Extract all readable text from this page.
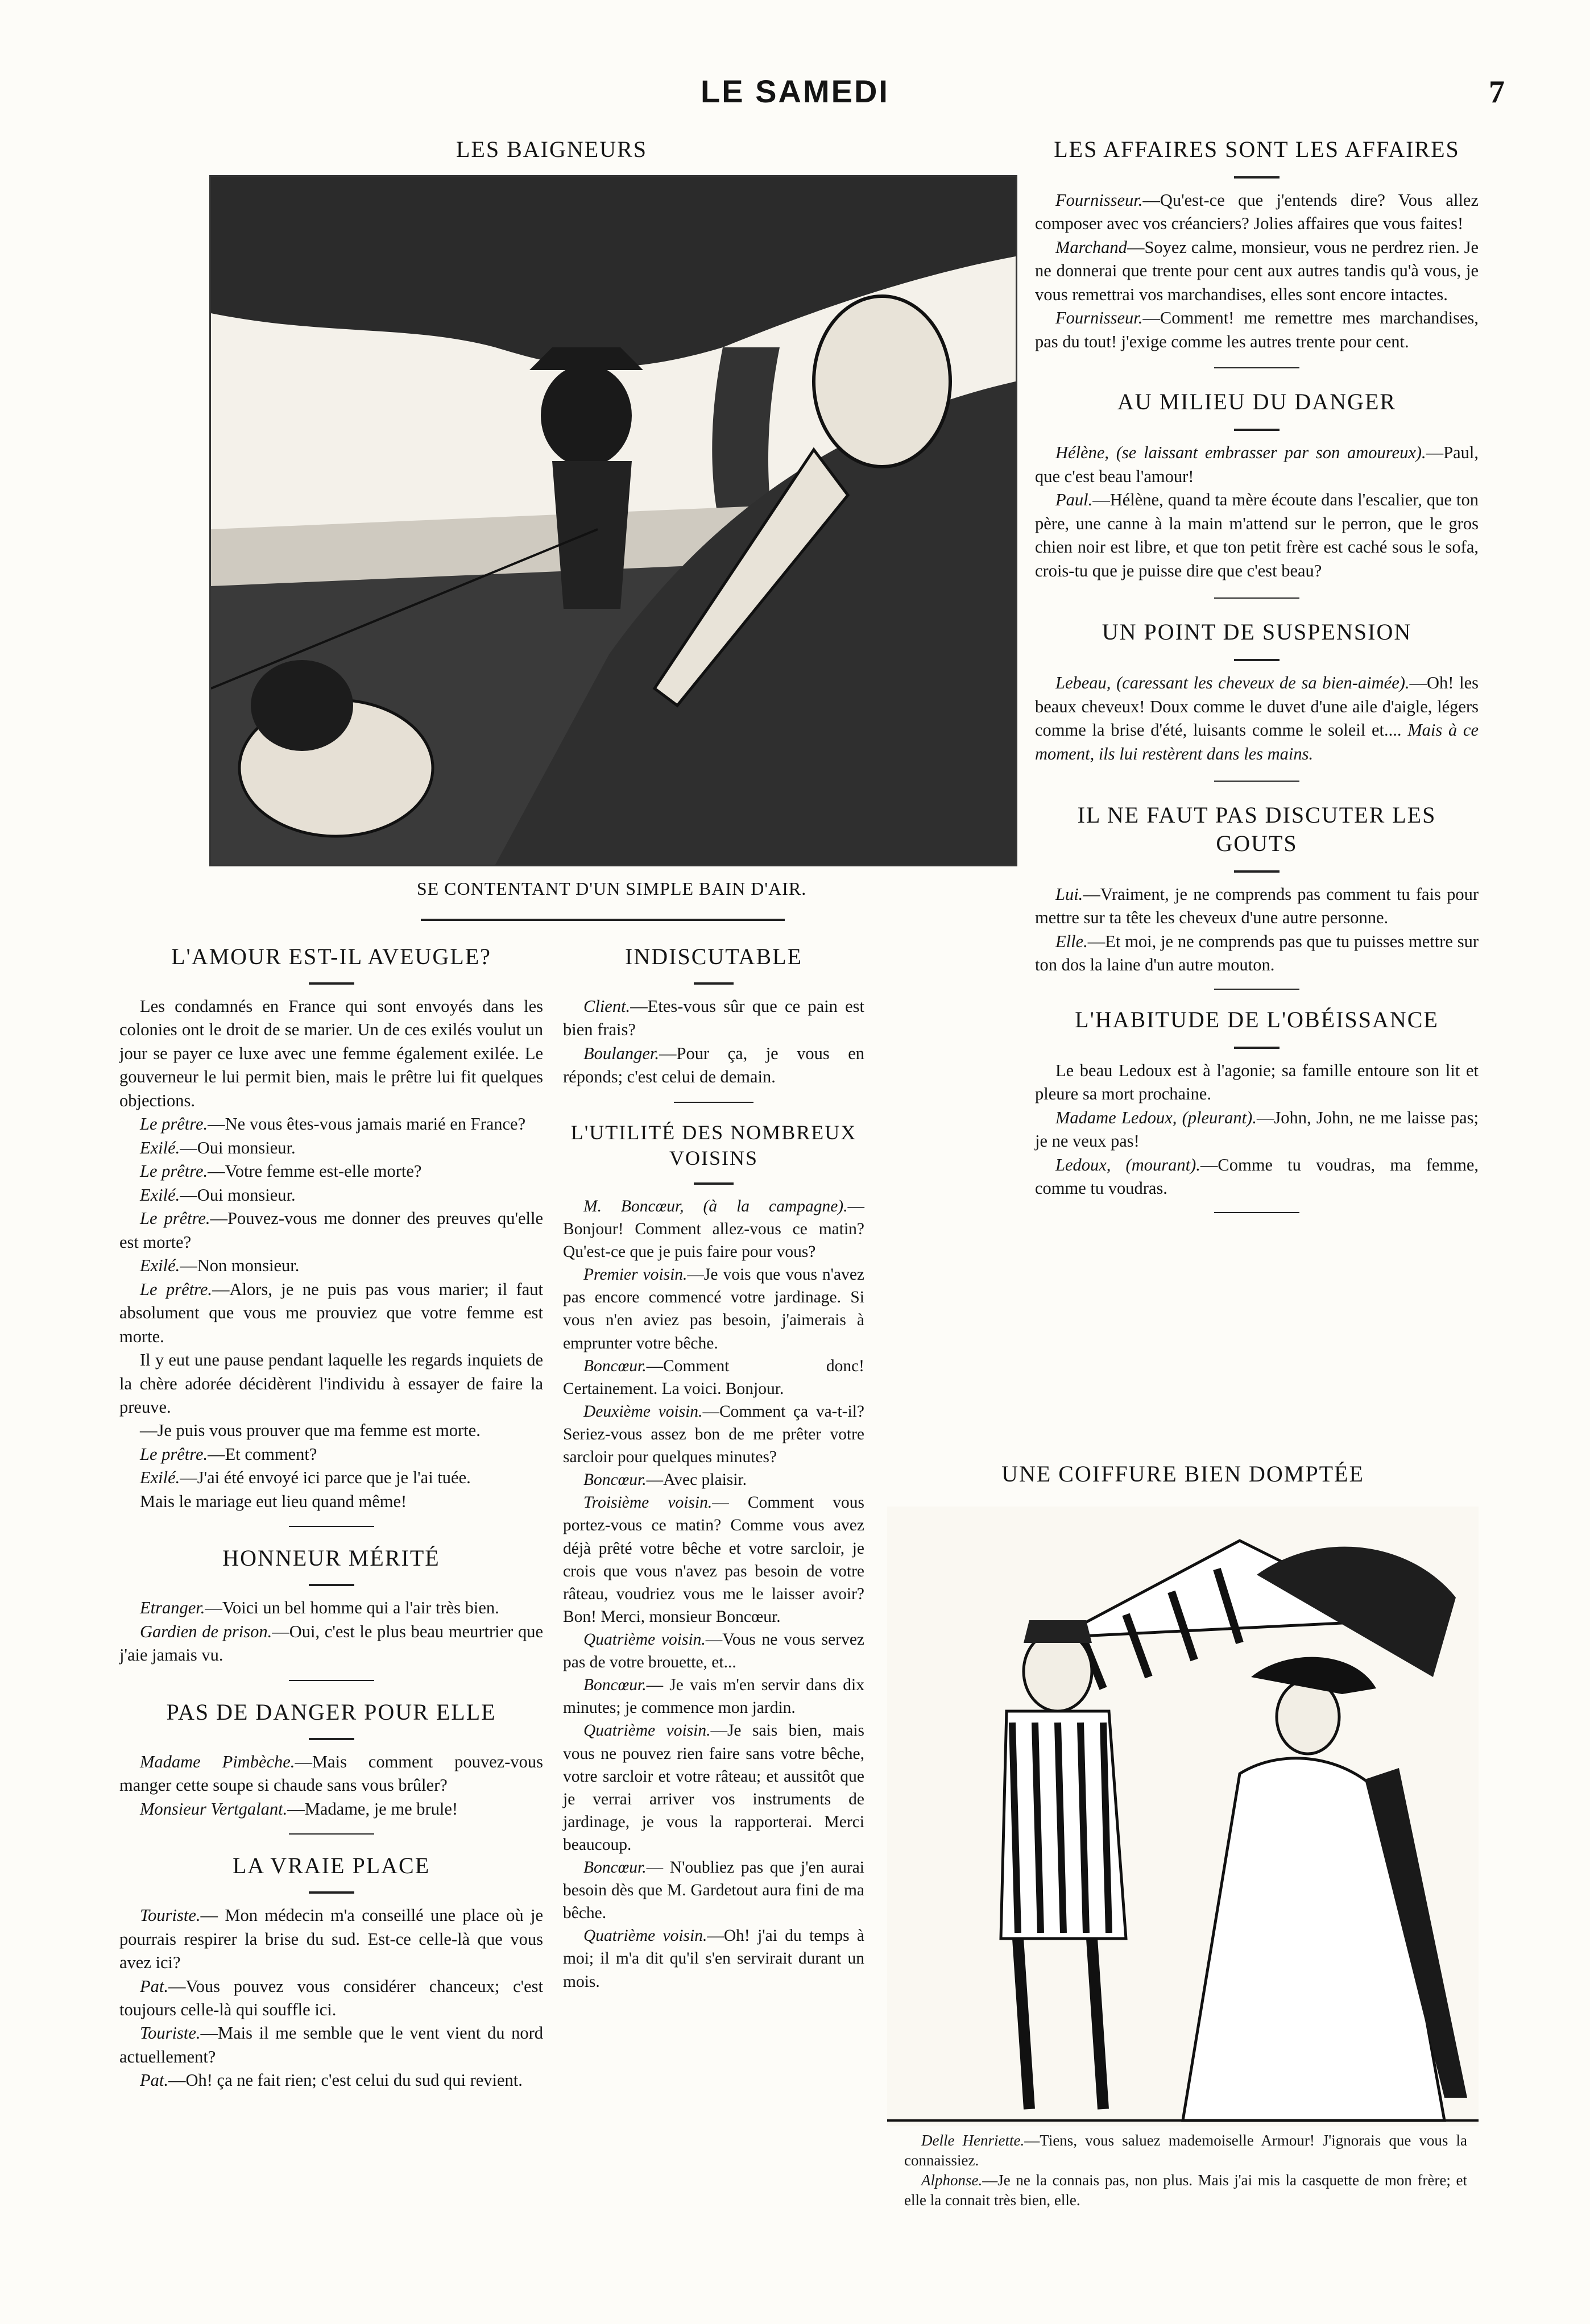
LE SAMEDI	7
LES BAIGNEURS
SE CONTENTANT D'UN SIMPLE BAIN D'AIR.
LES AFFAIRES SONT LES AFFAIRES

Fournisseur.—Qu'est-ce que j'entends dire? Vous allez composer avec vos créanciers? Jolies affaires que vous faites!

Marchand—Soyez calme, monsieur, vous ne perdrez rien. Je ne donnerai que trente pour cent aux autres tandis qu'à vous, je vous remettrai vos marchandises, elles sont encore intactes.

Fournisseur.—Comment! me remettre mes marchandises, pas du tout! j'exige comme les autres trente pour cent.

AU MILIEU DU DANGER

Hélène, (se laissant embrasser par son amoureux).—Paul, que c'est beau l'amour!

Paul.—Hélène, quand ta mère écoute dans l'escalier, que ton père, une canne à la main m'attend sur le perron, que le gros chien noir est libre, et que ton petit frère est caché sous le sofa, crois-tu que je puisse dire que c'est beau?

UN POINT DE SUSPENSION

Lebeau, (caressant les cheveux de sa bien-aimée).—Oh! les beaux cheveux! Doux comme le duvet d'une aile d'aigle, légers comme la brise d'été, luisants comme le soleil et.... Mais à ce moment, ils lui restèrent dans les mains.

IL NE FAUT PAS DISCUTER LES GOUTS

Lui.—Vraiment, je ne comprends pas comment tu fais pour mettre sur ta tête les cheveux d'une autre personne.

Elle.—Et moi, je ne comprends pas que tu puisses mettre sur ton dos la laine d'un autre mouton.

L'HABITUDE DE L'OBÉISSANCE

Le beau Ledoux est à l'agonie; sa famille entoure son lit et pleure sa mort prochaine.

Madame Ledoux, (pleurant).—John, John, ne me laisse pas; je ne veux pas!

Ledoux, (mourant).—Comme tu voudras, ma femme, comme tu voudras.

UNE COIFFURE BIEN DOMPTÉE

Delle Henriette.—Tiens, vous saluez mademoiselle Armour! J'ignorais que vous la connaissiez.

Alphonse.—Je ne la connais pas, non plus. Mais j'ai mis la casquette de mon frère; et elle la connait très bien, elle.

L'AMOUR EST-IL AVEUGLE?

Les condamnés en France qui sont envoyés dans les colonies ont le droit de se marier. Un de ces exilés voulut un jour se payer ce luxe avec une femme également exilée. Le gouverneur le lui permit bien, mais le prêtre lui fit quelques objections.

Le prêtre.—Ne vous êtes-vous jamais marié en France?

Exilé.—Oui monsieur.

Le prêtre.—Votre femme est-elle morte?

Exilé.—Oui monsieur.

Le prêtre.—Pouvez-vous me donner des preuves qu'elle est morte?

Exilé.—Non monsieur.

Le prêtre.—Alors, je ne puis pas vous marier; il faut absolument que vous me prouviez que votre femme est morte.

Il y eut une pause pendant laquelle les regards inquiets de la chère adorée décidèrent l'individu à essayer de faire la preuve.

—Je puis vous prouver que ma femme est morte.

Le prêtre.—Et comment?

Exilé.—J'ai été envoyé ici parce que je l'ai tuée.

Mais le mariage eut lieu quand même!

HONNEUR MÉRITÉ

Etranger.—Voici un bel homme qui a l'air très bien.

Gardien de prison.—Oui, c'est le plus beau meurtrier que j'aie jamais vu.

PAS DE DANGER POUR ELLE

Madame Pimbèche.—Mais comment pouvez-vous manger cette soupe si chaude sans vous brûler?

Monsieur Vertgalant.—Madame, je me brule!

LA VRAIE PLACE

Touriste.— Mon médecin m'a conseillé une place où je pourrais respirer la brise du sud. Est-ce celle-là que vous avez ici?

Pat.—Vous pouvez vous considérer chanceux; c'est toujours celle-là qui souffle ici.

Touriste.—Mais il me semble que le vent vient du nord actuellement?

Pat.—Oh! ça ne fait rien; c'est celui du sud qui revient.

INDISCUTABLE

Client.—Etes-vous sûr que ce pain est bien frais?

Boulanger.—Pour ça, je vous en réponds; c'est celui de demain.

L'UTILITÉ DES NOMBREUX VOISINS

M. Boncœur, (à la campagne).— Bonjour! Comment allez-vous ce matin? Qu'est-ce que je puis faire pour vous?

Premier voisin.—Je vois que vous n'avez pas encore commencé votre jardinage. Si vous n'en aviez pas besoin, j'aimerais à emprunter votre bêche.

Boncœur.—Comment donc! Certainement. La voici. Bonjour.

Deuxième voisin.—Comment ça va-t-il? Seriez-vous assez bon de me prêter votre sarcloir pour quelques minutes?

Boncœur.—Avec plaisir.

Troisième voisin.— Comment vous portez-vous ce matin? Comme vous avez déjà prêté votre bêche et votre sarcloir, je crois que vous n'avez pas besoin de votre râteau, voudriez vous me le laisser avoir? Bon! Merci, monsieur Boncœur.

Quatrième voisin.—Vous ne vous servez pas de votre brouette, et...

Boncœur.— Je vais m'en servir dans dix minutes; je commence mon jardin.

Quatrième voisin.—Je sais bien, mais vous ne pouvez rien faire sans votre bêche, votre sarcloir et votre râteau; et aussitôt que je verrai arriver vos instruments de jardinage, je vous la rapporterai. Merci beaucoup.

Boncœur.— N'oubliez pas que j'en aurai besoin dès que M. Gardetout aura fini de ma bêche.

Quatrième voisin.—Oh! j'ai du temps à moi; il m'a dit qu'il s'en servirait durant un mois.
